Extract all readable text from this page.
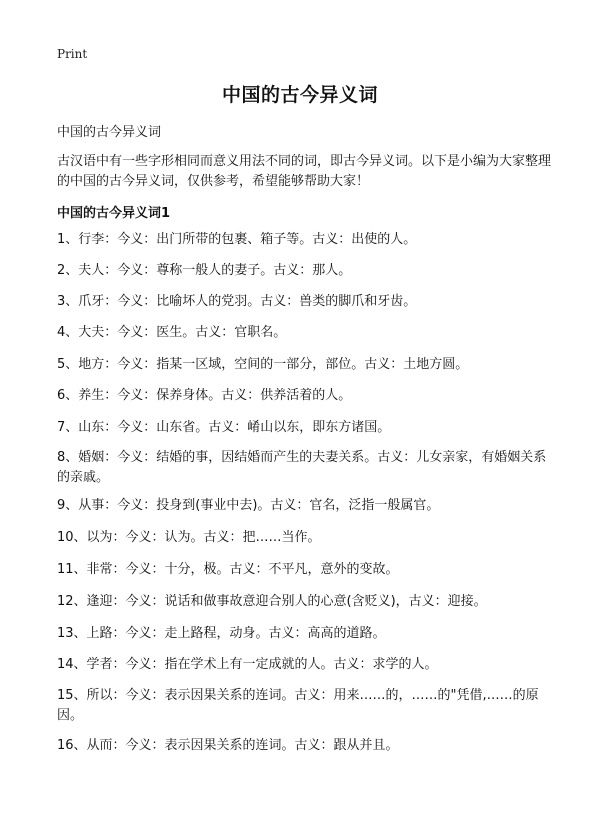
Print
中国的古今异义词

中国的古今异义词

古汉语中有一些字形相同而意义用法不同的词，即古今异义词。以下是小编为大家整理的中国的古今异义词，仅供参考，希望能够帮助大家！

中国的古今异义词1
1、行李：今义：出门所带的包裹、箱子等。古义：出使的人。
2、夫人：今义：尊称一般人的妻子。古义：那人。
3、爪牙：今义：比喻坏人的党羽。古义：兽类的脚爪和牙齿。
4、大夫：今义：医生。古义：官职名。
5、地方：今义：指某一区域，空间的一部分，部位。古义：土地方圆。
6、养生：今义：保养身体。古义：供养活着的人。
7、山东：今义：山东省。古义：崤山以东，即东方诸国。
8、婚姻：今义：结婚的事，因结婚而产生的夫妻关系。古义：儿女亲家，有婚姻关系的亲戚。
9、从事：今义：投身到(事业中去)。古义：官名，泛指一般属官。
10、以为：今义：认为。古义：把……当作。
11、非常：今义：十分，极。古义：不平凡，意外的变故。
12、逢迎：今义：说话和做事故意迎合别人的心意(含贬义)，古义：迎接。
13、上路：今义：走上路程，动身。古义：高高的道路。
14、学者：今义：指在学术上有一定成就的人。古义：求学的人。
15、所以：今义：表示因果关系的连词。古义：用来……的，……的"凭借,……的原因。
16、从而：今义：表示因果关系的连词。古义：跟从并且。
